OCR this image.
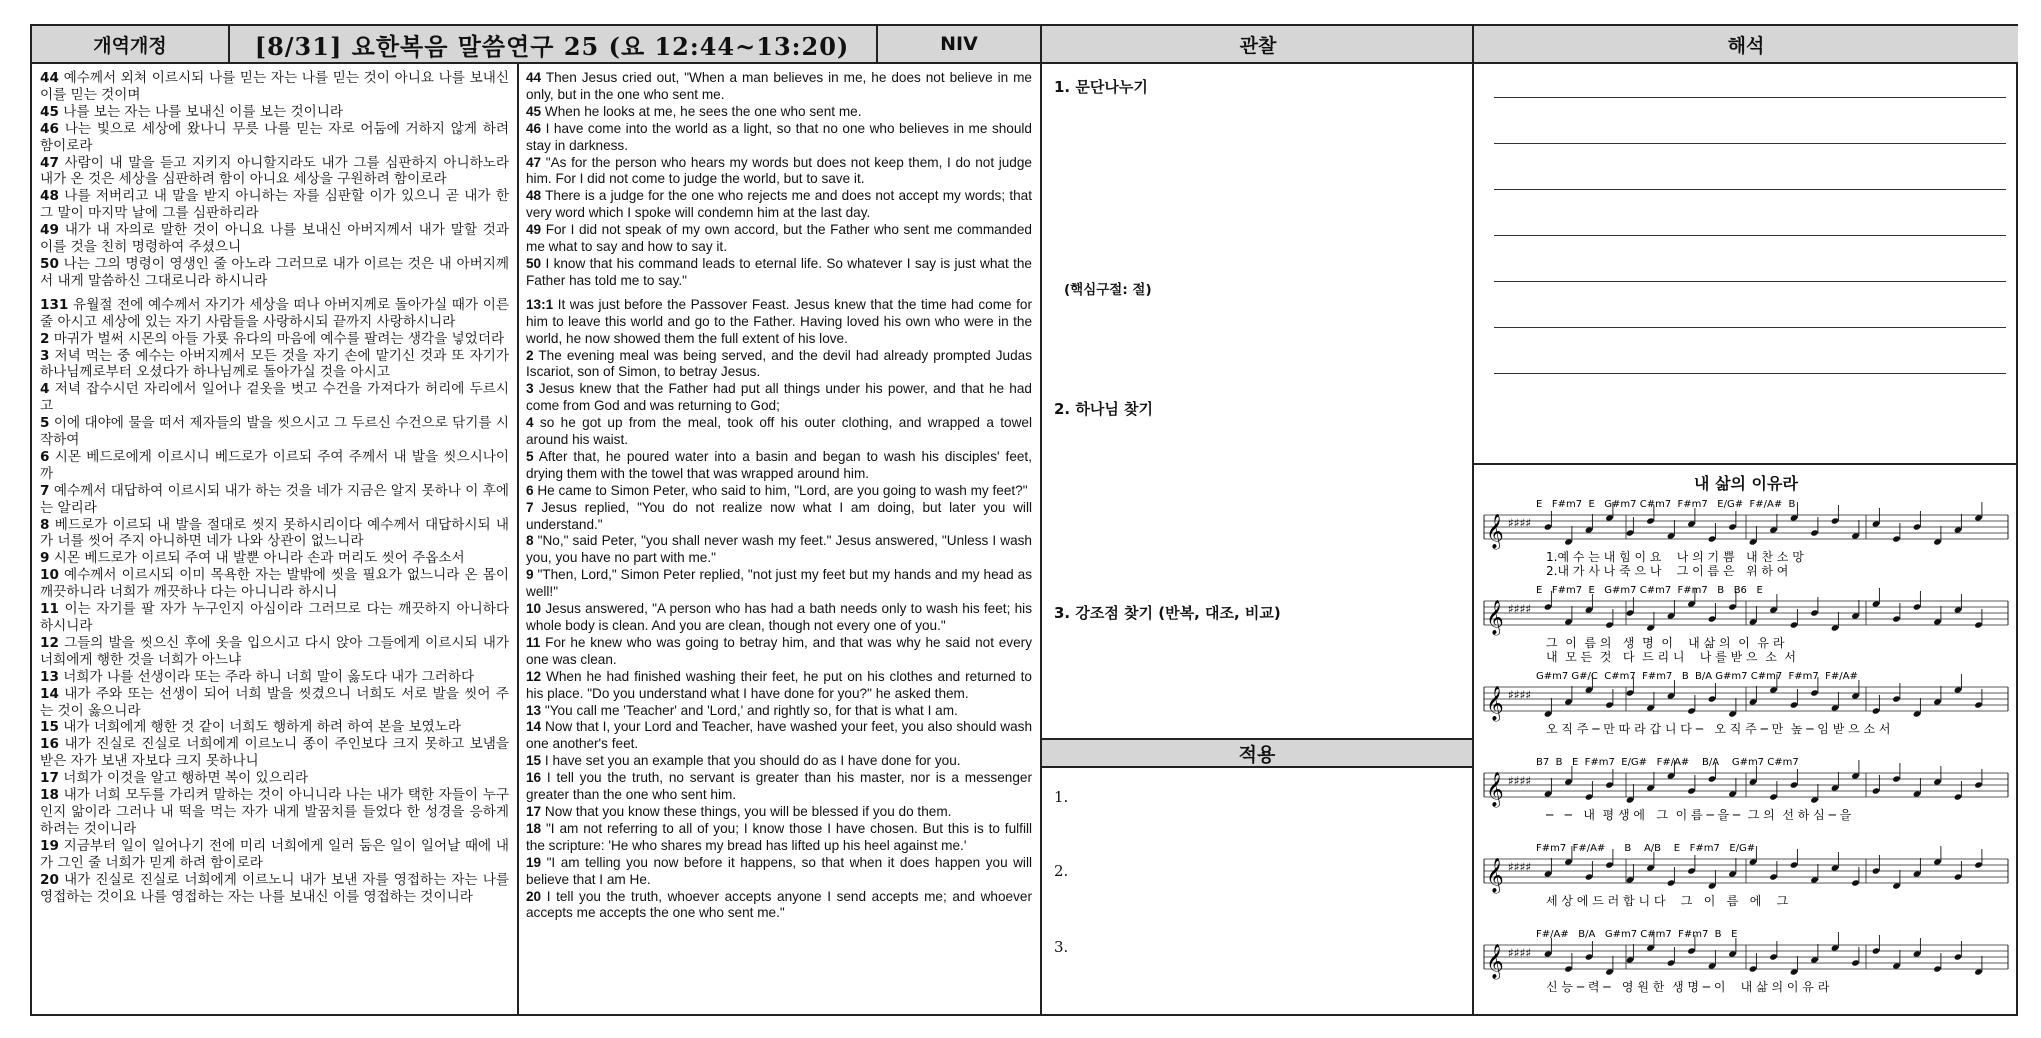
개역개정	[8/31] 요한복음 말씀연구 25 (요 12:44~13:20)	NIV	관찰	해석

44 예수께서 외쳐 이르시되 나를 믿는 자는 나를 믿는 것이 아니요 나를 보내신 이를 믿는 것이며

45 나를 보는 자는 나를 보내신 이를 보는 것이니라

46 나는 빛으로 세상에 왔나니 무릇 나를 믿는 자로 어둠에 거하지 않게 하려 함이로라

47 사람이 내 말을 듣고 지키지 아니할지라도 내가 그를 심판하지 아니하노라 내가 온 것은 세상을 심판하려 함이 아니요 세상을 구원하려 함이로라

48 나를 저버리고 내 말을 받지 아니하는 자를 심판할 이가 있으니 곧 내가 한 그 말이 마지막 날에 그를 심판하리라

49 내가 내 자의로 말한 것이 아니요 나를 보내신 아버지께서 내가 말할 것과 이를 것을 친히 명령하여 주셨으니

50 나는 그의 명령이 영생인 줄 아노라 그러므로 내가 이르는 것은 내 아버지께서 내게 말씀하신 그대로니라 하시니라

131 유월절 전에 예수께서 자기가 세상을 떠나 아버지께로 돌아가실 때가 이른 줄 아시고 세상에 있는 자기 사람들을 사랑하시되 끝까지 사랑하시니라

2 마귀가 벌써 시몬의 아들 가룟 유다의 마음에 예수를 팔려는 생각을 넣었더라

3 저녁 먹는 중 예수는 아버지께서 모든 것을 자기 손에 맡기신 것과 또 자기가 하나님께로부터 오셨다가 하나님께로 돌아가실 것을 아시고

4 저녁 잡수시던 자리에서 일어나 겉옷을 벗고 수건을 가져다가 허리에 두르시고

5 이에 대야에 물을 떠서 제자들의 발을 씻으시고 그 두르신 수건으로 닦기를 시작하여

6 시몬 베드로에게 이르시니 베드로가 이르되 주여 주께서 내 발을 씻으시나이까

7 예수께서 대답하여 이르시되 내가 하는 것을 네가 지금은 알지 못하나 이 후에는 알리라

8 베드로가 이르되 내 발을 절대로 씻지 못하시리이다 예수께서 대답하시되 내가 너를 씻어 주지 아니하면 네가 나와 상관이 없느니라

9 시몬 베드로가 이르되 주여 내 발뿐 아니라 손과 머리도 씻어 주옵소서

10 예수께서 이르시되 이미 목욕한 자는 발밖에 씻을 필요가 없느니라 온 몸이 깨끗하니라 너희가 깨끗하나 다는 아니니라 하시니

11 이는 자기를 팔 자가 누구인지 아심이라 그러므로 다는 깨끗하지 아니하다 하시니라

12 그들의 발을 씻으신 후에 옷을 입으시고 다시 앉아 그들에게 이르시되 내가 너희에게 행한 것을 너희가 아느냐

13 너희가 나를 선생이라 또는 주라 하니 너희 말이 옳도다 내가 그러하다

14 내가 주와 또는 선생이 되어 너희 발을 씻겼으니 너희도 서로 발을 씻어 주는 것이 옳으니라

15 내가 너희에게 행한 것 같이 너희도 행하게 하려 하여 본을 보였노라

16 내가 진실로 진실로 너희에게 이르노니 종이 주인보다 크지 못하고 보냄을 받은 자가 보낸 자보다 크지 못하나니

17 너희가 이것을 알고 행하면 복이 있으리라

18 내가 너희 모두를 가리켜 말하는 것이 아니니라 나는 내가 택한 자들이 누구인지 앎이라 그러나 내 떡을 먹는 자가 내게 발꿈치를 들었다 한 성경을 응하게 하려는 것이니라

19 지금부터 일이 일어나기 전에 미리 너희에게 일러 둠은 일이 일어날 때에 내가 그인 줄 너희가 믿게 하려 함이로라

20 내가 진실로 진실로 너희에게 이르노니 내가 보낸 자를 영접하는 자는 나를 영접하는 것이요 나를 영접하는 자는 나를 보내신 이를 영접하는 것이니라

44 Then Jesus cried out, "When a man believes in me, he does not believe in me only, but in the one who sent me.

45 When he looks at me, he sees the one who sent me.

46 I have come into the world as a light, so that no one who believes in me should stay in darkness.

47 "As for the person who hears my words but does not keep them, I do not judge him. For I did not come to judge the world, but to save it.

48 There is a judge for the one who rejects me and does not accept my words; that very word which I spoke will condemn him at the last day.

49 For I did not speak of my own accord, but the Father who sent me commanded me what to say and how to say it.

50 I know that his command leads to eternal life. So whatever I say is just what the Father has told me to say."

13:1 It was just before the Passover Feast. Jesus knew that the time had come for him to leave this world and go to the Father. Having loved his own who were in the world, he now showed them the full extent of his love.

2 The evening meal was being served, and the devil had already prompted Judas Iscariot, son of Simon, to betray Jesus.

3 Jesus knew that the Father had put all things under his power, and that he had come from God and was returning to God;

4 so he got up from the meal, took off his outer clothing, and wrapped a towel around his waist.

5 After that, he poured water into a basin and began to wash his disciples' feet, drying them with the towel that was wrapped around him.

6 He came to Simon Peter, who said to him, "Lord, are you going to wash my feet?"

7 Jesus replied, "You do not realize now what I am doing, but later you will understand."

8 "No," said Peter, "you shall never wash my feet." Jesus answered, "Unless I wash you, you have no part with me."

9 "Then, Lord," Simon Peter replied, "not just my feet but my hands and my head as well!"

10 Jesus answered, "A person who has had a bath needs only to wash his feet; his whole body is clean. And you are clean, though not every one of you."

11 For he knew who was going to betray him, and that was why he said not every one was clean.

12 When he had finished washing their feet, he put on his clothes and returned to his place. "Do you understand what I have done for you?" he asked them.

13 "You call me 'Teacher' and 'Lord,' and rightly so, for that is what I am.

14 Now that I, your Lord and Teacher, have washed your feet, you also should wash one another's feet.

15 I have set you an example that you should do as I have done for you.

16 I tell you the truth, no servant is greater than his master, nor is a messenger greater than the one who sent him.

17 Now that you know these things, you will be blessed if you do them.

18 "I am not referring to all of you; I know those I have chosen. But this is to fulfill the scripture: 'He who shares my bread has lifted up his heel against me.'

19 "I am telling you now before it happens, so that when it does happen you will believe that I am He.

20 I tell you the truth, whoever accepts anyone I send accepts me; and whoever accepts me accepts the one who sent me."

1. 문단나누기
(핵심구절: 절)
2. 하나님 찾기
3. 강조점 찾기 (반복, 대조, 비교)
적용
1.
2.
3.
내 삶의 이유라
E   F#m7  E   G#m7 C#m7  F#m7   E/G#  F#/A#  B
𝄞 ♯♯♯♯
1.예 수 는 내 힘 이 요    나 의 기 쁨   내 찬 소 망
2.내 가 사 나 죽 으 나    그 이 름 은   위 하 여
E   F#m7  E   G#m7 C#m7  F#m7   B   B6   E
𝄞 ♯♯♯♯
그  이  름 의   생  명  이    내 삶 의  이  유 라
내  모 든  것   다  드 리 니    나 를 받 으  소  서
G#m7 G#/C  C#m7  F#m7   B  B/A G#m7 C#m7  F#m7  F#/A#
𝄞 ♯♯♯♯
오 직 주 ─ 만 따 라 갑 니 다 ─   오 직 주 ─ 만  높 ─ 임 받 으 소 서
B7  B   E  F#m7  E/G#   F#/A#    B/A    G#m7 C#m7
𝄞 ♯♯♯♯
─   ─   내  평 생 에   그  이 름 ─ 을 ─  그 의  선 하 심 ─ 을
F#m7  F#/A#      B    A/B    E   F#m7   E/G#
𝄞 ♯♯♯♯
세 상 에 드 러 합 니 다    그   이   름   에    그
F#/A#   B/A   G#m7 C#m7  F#m7  B   E
𝄞 ♯♯♯♯
신 능 ─ 력 ─   영 원 한  생 명 ─ 이    내 삶 의 이 유 라
